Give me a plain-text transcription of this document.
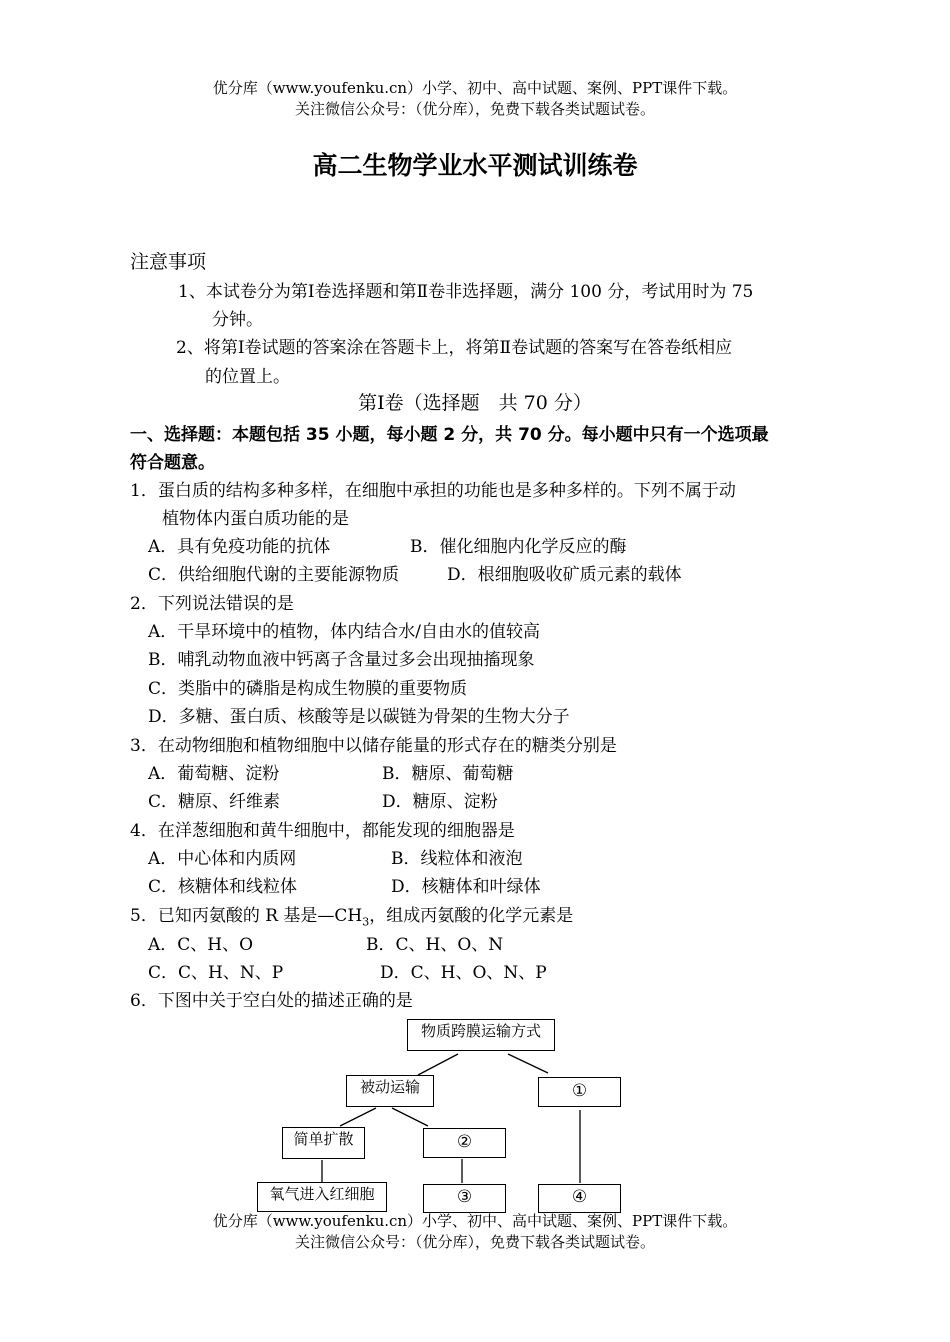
优分库（www.youfenku.cn）小学、初中、高中试题、案例、PPT课件下载。
关注微信公众号：（优分库），免费下载各类试题试卷。
高二生物学业水平测试训练卷
注意事项
1、本试卷分为第Ⅰ卷选择题和第Ⅱ卷非选择题，满分 100 分，考试用时为 75
分钟。
2、将第Ⅰ卷试题的答案涂在答题卡上，将第Ⅱ卷试题的答案写在答卷纸相应
的位置上。
第Ⅰ卷（选择题　共 70 分）
一、选择题：本题包括 35 小题，每小题 2 分，共 70 分。每小题中只有一个选项最
符合题意。
1．蛋白质的结构多种多样，在细胞中承担的功能也是多种多样的。下列不属于动
植物体内蛋白质功能的是
A．具有免疫功能的抗体	B．催化细胞内化学反应的酶
C．供给细胞代谢的主要能源物质	D．根细胞吸收矿质元素的载体
2．下列说法错误的是
A．干旱环境中的植物，体内结合水/自由水的值较高
B．哺乳动物血液中钙离子含量过多会出现抽搐现象
C．类脂中的磷脂是构成生物膜的重要物质
D．多糖、蛋白质、核酸等是以碳链为骨架的生物大分子
3．在动物细胞和植物细胞中以储存能量的形式存在的糖类分别是
A．葡萄糖、淀粉	B．糖原、葡萄糖
C．糖原、纤维素	D．糖原、淀粉
4．在洋葱细胞和黄牛细胞中，都能发现的细胞器是
A．中心体和内质网	B．线粒体和液泡
C．核糖体和线粒体	D．核糖体和叶绿体
5．已知丙氨酸的 R 基是$—CH_3$，组成丙氨酸的化学元素是
A．C、H、O	B．C、H、O、N
C．C、H、N、P	D．C、H、O、N、P
6．下图中关于空白处的描述正确的是
物质跨膜运输方式
被动运输	①
简单扩散	②
氧气进入红细胞	③	④
优分库（www.youfenku.cn）小学、初中、高中试题、案例、PPT课件下载。
关注微信公众号：（优分库），免费下载各类试题试卷。
